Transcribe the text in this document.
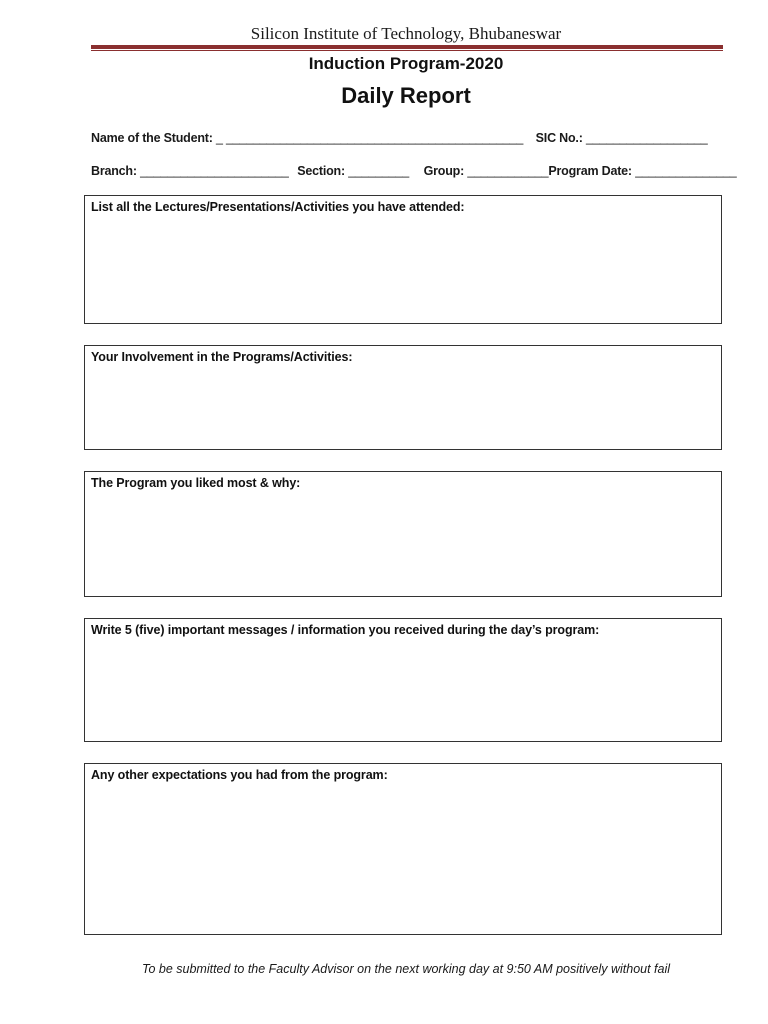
Silicon Institute of Technology, Bhubaneswar
Induction Program-2020
Daily Report
Name of the Student: _ ____________________________________________ SIC No.: __________________
Branch: ______________________ Section: _________ Group: ____________Program Date: _______________
List all the Lectures/Presentations/Activities you have attended:
Your Involvement in the Programs/Activities:
The Program you liked most & why:
Write 5 (five) important messages / information you received during the day’s program:
Any other expectations you had from the program:
To be submitted to the Faculty Advisor on the next working day at 9:50 AM positively without fail
